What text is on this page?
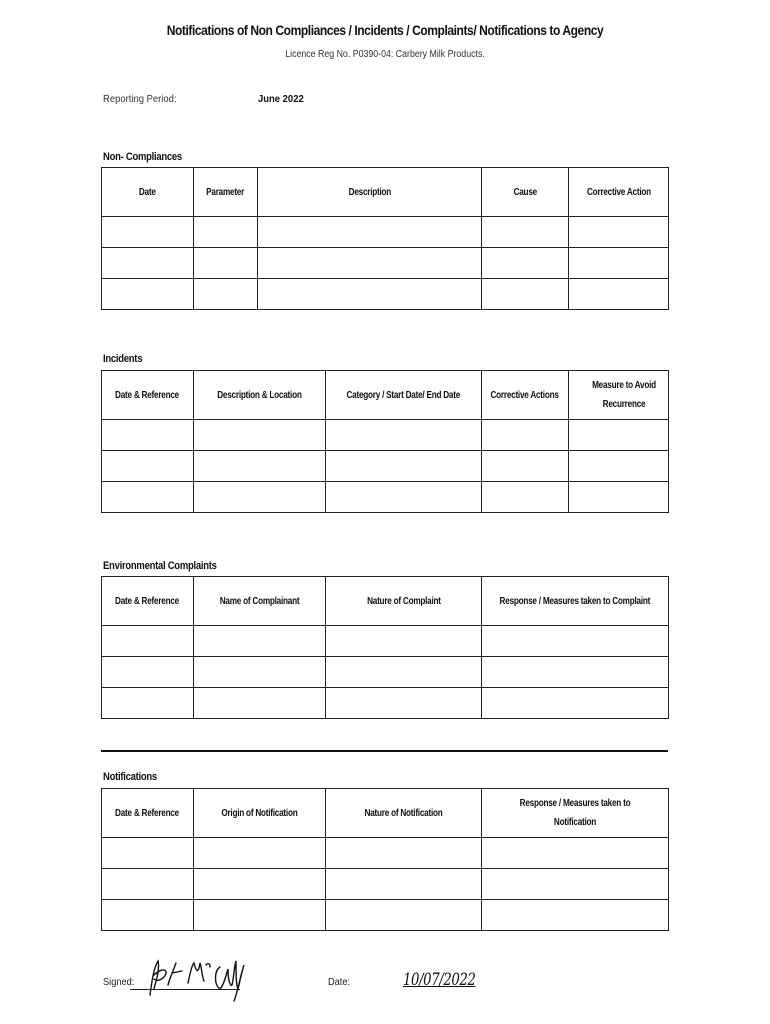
Notifications of Non Compliances / Incidents / Complaints/ Notifications to Agency
Licence Reg No. P0390-04: Carbery Milk Products.
Reporting Period:	June 2022
Non- Compliances
Date	Parameter	Description	Cause	Corrective Action

Incidents
Date & Reference	Description & Location	Category / Start Date/ End Date	Corrective Actions	Measure to Avoid Recurrence

Environmental Complaints
Date & Reference	Name of Complainant	Nature of Complaint	Response / Measures taken to Complaint

Notifications
Date & Reference	Origin of Notification	Nature of Notification	Response / Measures taken to Notification

Signed:	Date:	10/07/2022
